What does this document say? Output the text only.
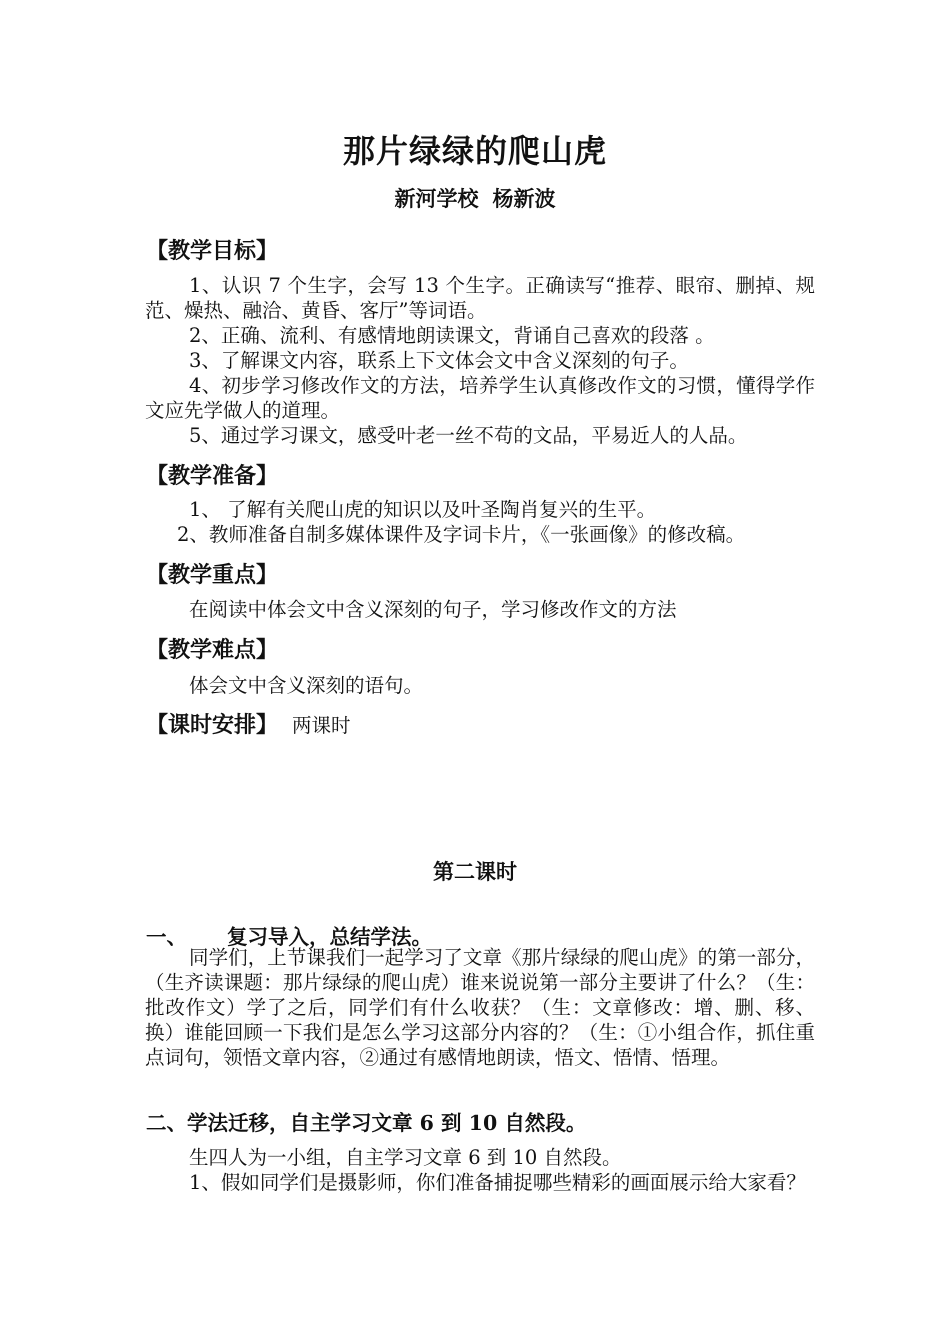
那片绿绿的爬山虎
新河学校 杨新波
【教学目标】
1、认识 7 个生字，会写 13 个生字。正确读写“推荐、眼帘、删掉、规范、燥热、融洽、黄昏、客厅”等词语。
2、正确、流利、有感情地朗读课文，背诵自己喜欢的段落 。
3、了解课文内容，联系上下文体会文中含义深刻的句子。
4、初步学习修改作文的方法，培养学生认真修改作文的习惯，懂得学作文应先学做人的道理。
5、通过学习课文，感受叶老一丝不苟的文品，平易近人的人品。
【教学准备】
1、 了解有关爬山虎的知识以及叶圣陶肖复兴的生平。
2、教师准备自制多媒体课件及字词卡片，《一张画像》的修改稿。
【教学重点】
在阅读中体会文中含义深刻的句子，学习修改作文的方法
【教学难点】
体会文中含义深刻的语句。
【课时安排】 两课时
第二课时
一、 复习导入，总结学法。
同学们，上节课我们一起学习了文章《那片绿绿的爬山虎》的第一部分，（生齐读课题：那片绿绿的爬山虎）谁来说说第一部分主要讲了什么？（生：批改作文）学了之后，同学们有什么收获？（生：文章修改：增、删、移、换）谁能回顾一下我们是怎么学习这部分内容的？（生：①小组合作，抓住重点词句，领悟文章内容，②通过有感情地朗读，悟文、悟情、悟理。
二、学法迁移，自主学习文章 6 到 10 自然段。
生四人为一小组，自主学习文章 6 到 10 自然段。
1、假如同学们是摄影师，你们准备捕捉哪些精彩的画面展示给大家看？
